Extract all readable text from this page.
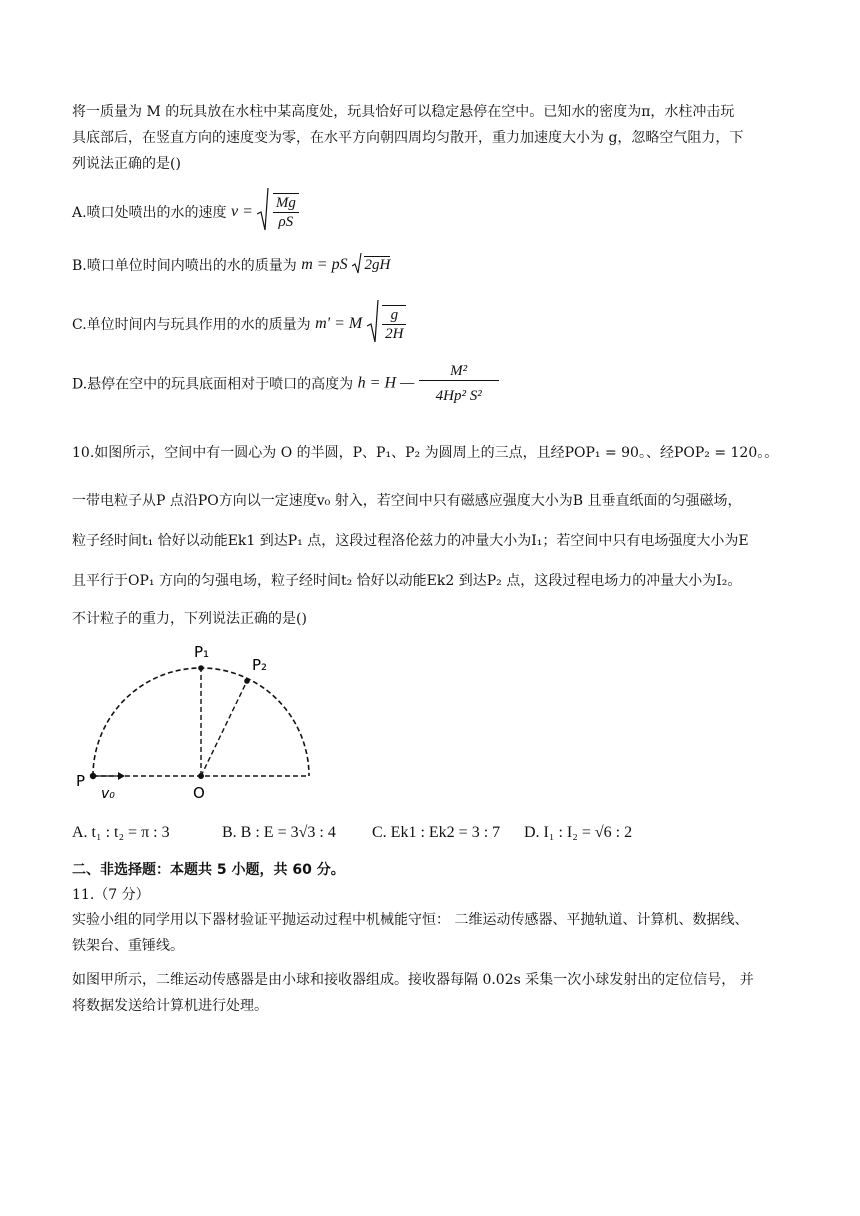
将一质量为 M 的玩具放在水柱中某高度处，玩具恰好可以稳定悬停在空中。已知水的密度为π，水柱冲击玩
具底部后，在竖直方向的速度变为零，在水平方向朝四周均匀散开，重力加速度大小为 g，忽略空气阻力，下
列说法正确的是()
A.喷口处喷出的水的速度 $v = \frac{Mg}{\rho S}$
B.喷口单位时间内喷出的水的质量为 m = pS 2gH
C.单位时间内与玩具作用的水的质量为 m' = M $\frac{g}{2H}$
D.悬停在空中的玩具底面相对于喷口的高度为 h = H — $\frac{\text{M²}}{\text{4Hp² S²}}$
10.如图所示，空间中有一圆心为 O 的半圆，P、P₁、P₂ 为圆周上的三点，且经POP₁ = 90。、经POP₂ = 120。。
一带电粒子从P 点沿PO方向以一定速度v₀ 射入，若空间中只有磁感应强度大小为B 且垂直纸面的匀强磁场，
粒子经时间t₁ 恰好以动能Ek1 到达P₁ 点，这段过程洛伦兹力的冲量大小为I₁；若空间中只有电场强度大小为E
且平行于OP₁ 方向的匀强电场，粒子经时间t₂ 恰好以动能Ek2 到达P₂ 点，这段过程电场力的冲量大小为I₂。
不计粒子的重力，下列说法正确的是()
P
P₁
P₂
O
v₀
A. t₁ : t₂ = π : 3	B. B : E = 3√3 : 4 C. Ek1 : Ek2 = 3 : 7 D. I₁ : I₂ = √6 : 2
二、非选择题：本题共 5 小题，共 60 分。
11.（7 分）
实验小组的同学用以下器材验证平抛运动过程中机械能守恒： 二维运动传感器、平抛轨道、计算机、数据线、
铁架台、重锤线。
如图甲所示，二维运动传感器是由小球和接收器组成。接收器每隔 0.02s 采集一次小球发射出的定位信号， 并
将数据发送给计算机进行处理。
